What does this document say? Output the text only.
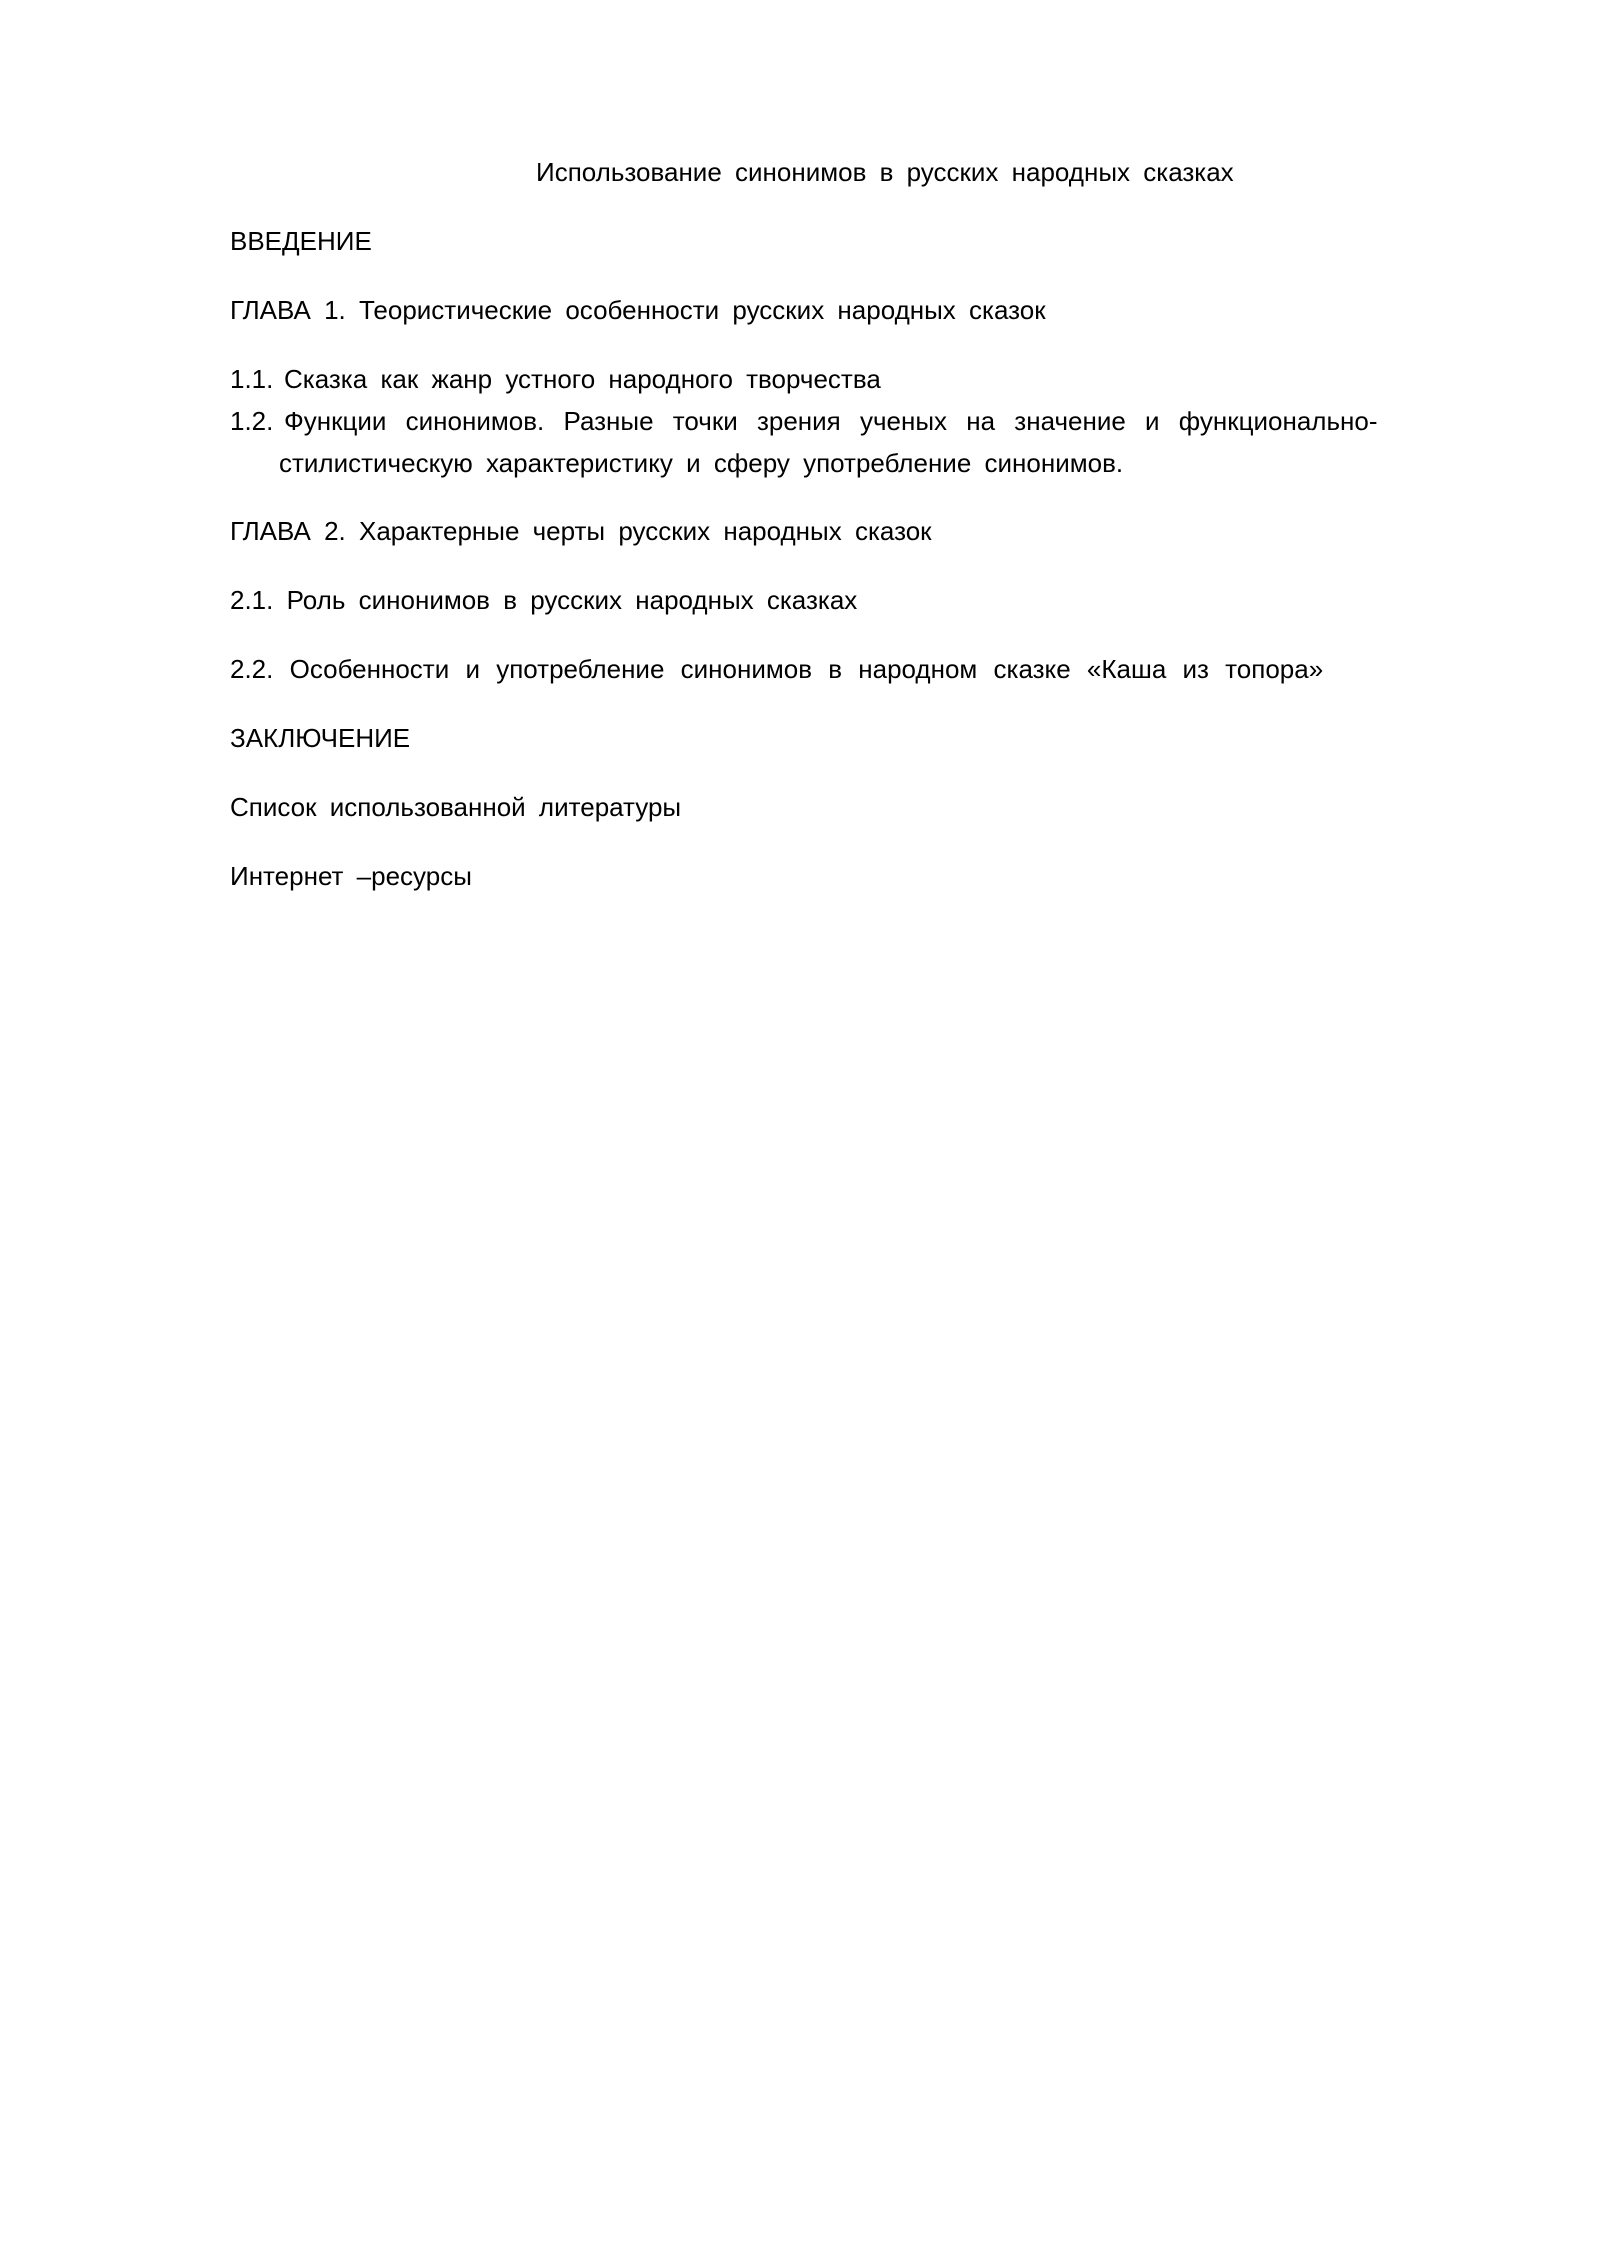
Использование синонимов в русских народных сказках
ВВЕДЕНИЕ
ГЛАВА 1. Теористические особенности русских народных сказок
1.1. Сказка как жанр устного народного творчества
1.2. Функции синонимов. Разные точки зрения ученых на значение и функционально-
стилистическую характеристику и сферу употребление синонимов.
ГЛАВА 2. Характерные черты русских народных сказок
2.1. Роль синонимов в русских народных сказках
2.2. Особенности и употребление синонимов в народном сказке «Каша из топора»
ЗАКЛЮЧЕНИЕ
Список использованной литературы
Интернет –ресурсы
